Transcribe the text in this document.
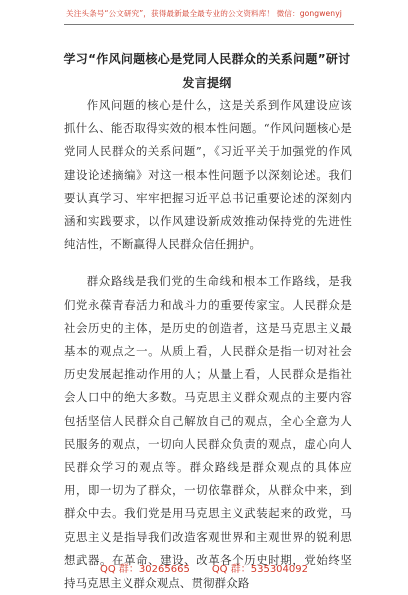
关注头条号“公文研究”，获得最新最全最专业的公文资料库！ 微信：gongwenyj
学习“作风问题核心是党同人民群众的关系问题”研讨发言提纲

作风问题的核心是什么，这是关系到作风建设应该抓什么、能否取得实效的根本性问题。“作风问题核心是党同人民群众的关系问题”，《习近平关于加强党的作风建设论述摘编》对这一根本性问题予以深刻论述。我们要认真学习、牢牢把握习近平总书记重要论述的深刻内涵和实践要求，以作风建设新成效推动保持党的先进性纯洁性，不断赢得人民群众信任拥护。

群众路线是我们党的生命线和根本工作路线，是我们党永葆青春活力和战斗力的重要传家宝。人民群众是社会历史的主体，是历史的创造者，这是马克思主义最基本的观点之一。从质上看，人民群众是指一切对社会历史发展起推动作用的人；从量上看，人民群众是指社会人口中的绝大多数。马克思主义群众观点的主要内容包括坚信人民群众自己解放自己的观点，全心全意为人民服务的观点，一切向人民群众负责的观点，虚心向人民群众学习的观点等。群众路线是群众观点的具体应用，即一切为了群众，一切依靠群众，从群众中来，到群众中去。我们党是用马克思主义武装起来的政党，马克思主义是指导我们改造客观世界和主观世界的锐利思想武器。在革命、建设、改革各个历史时期，党始终坚持马克思主义群众观点、贯彻群众路

QQ 群：30265665 QQ 群：535304092
